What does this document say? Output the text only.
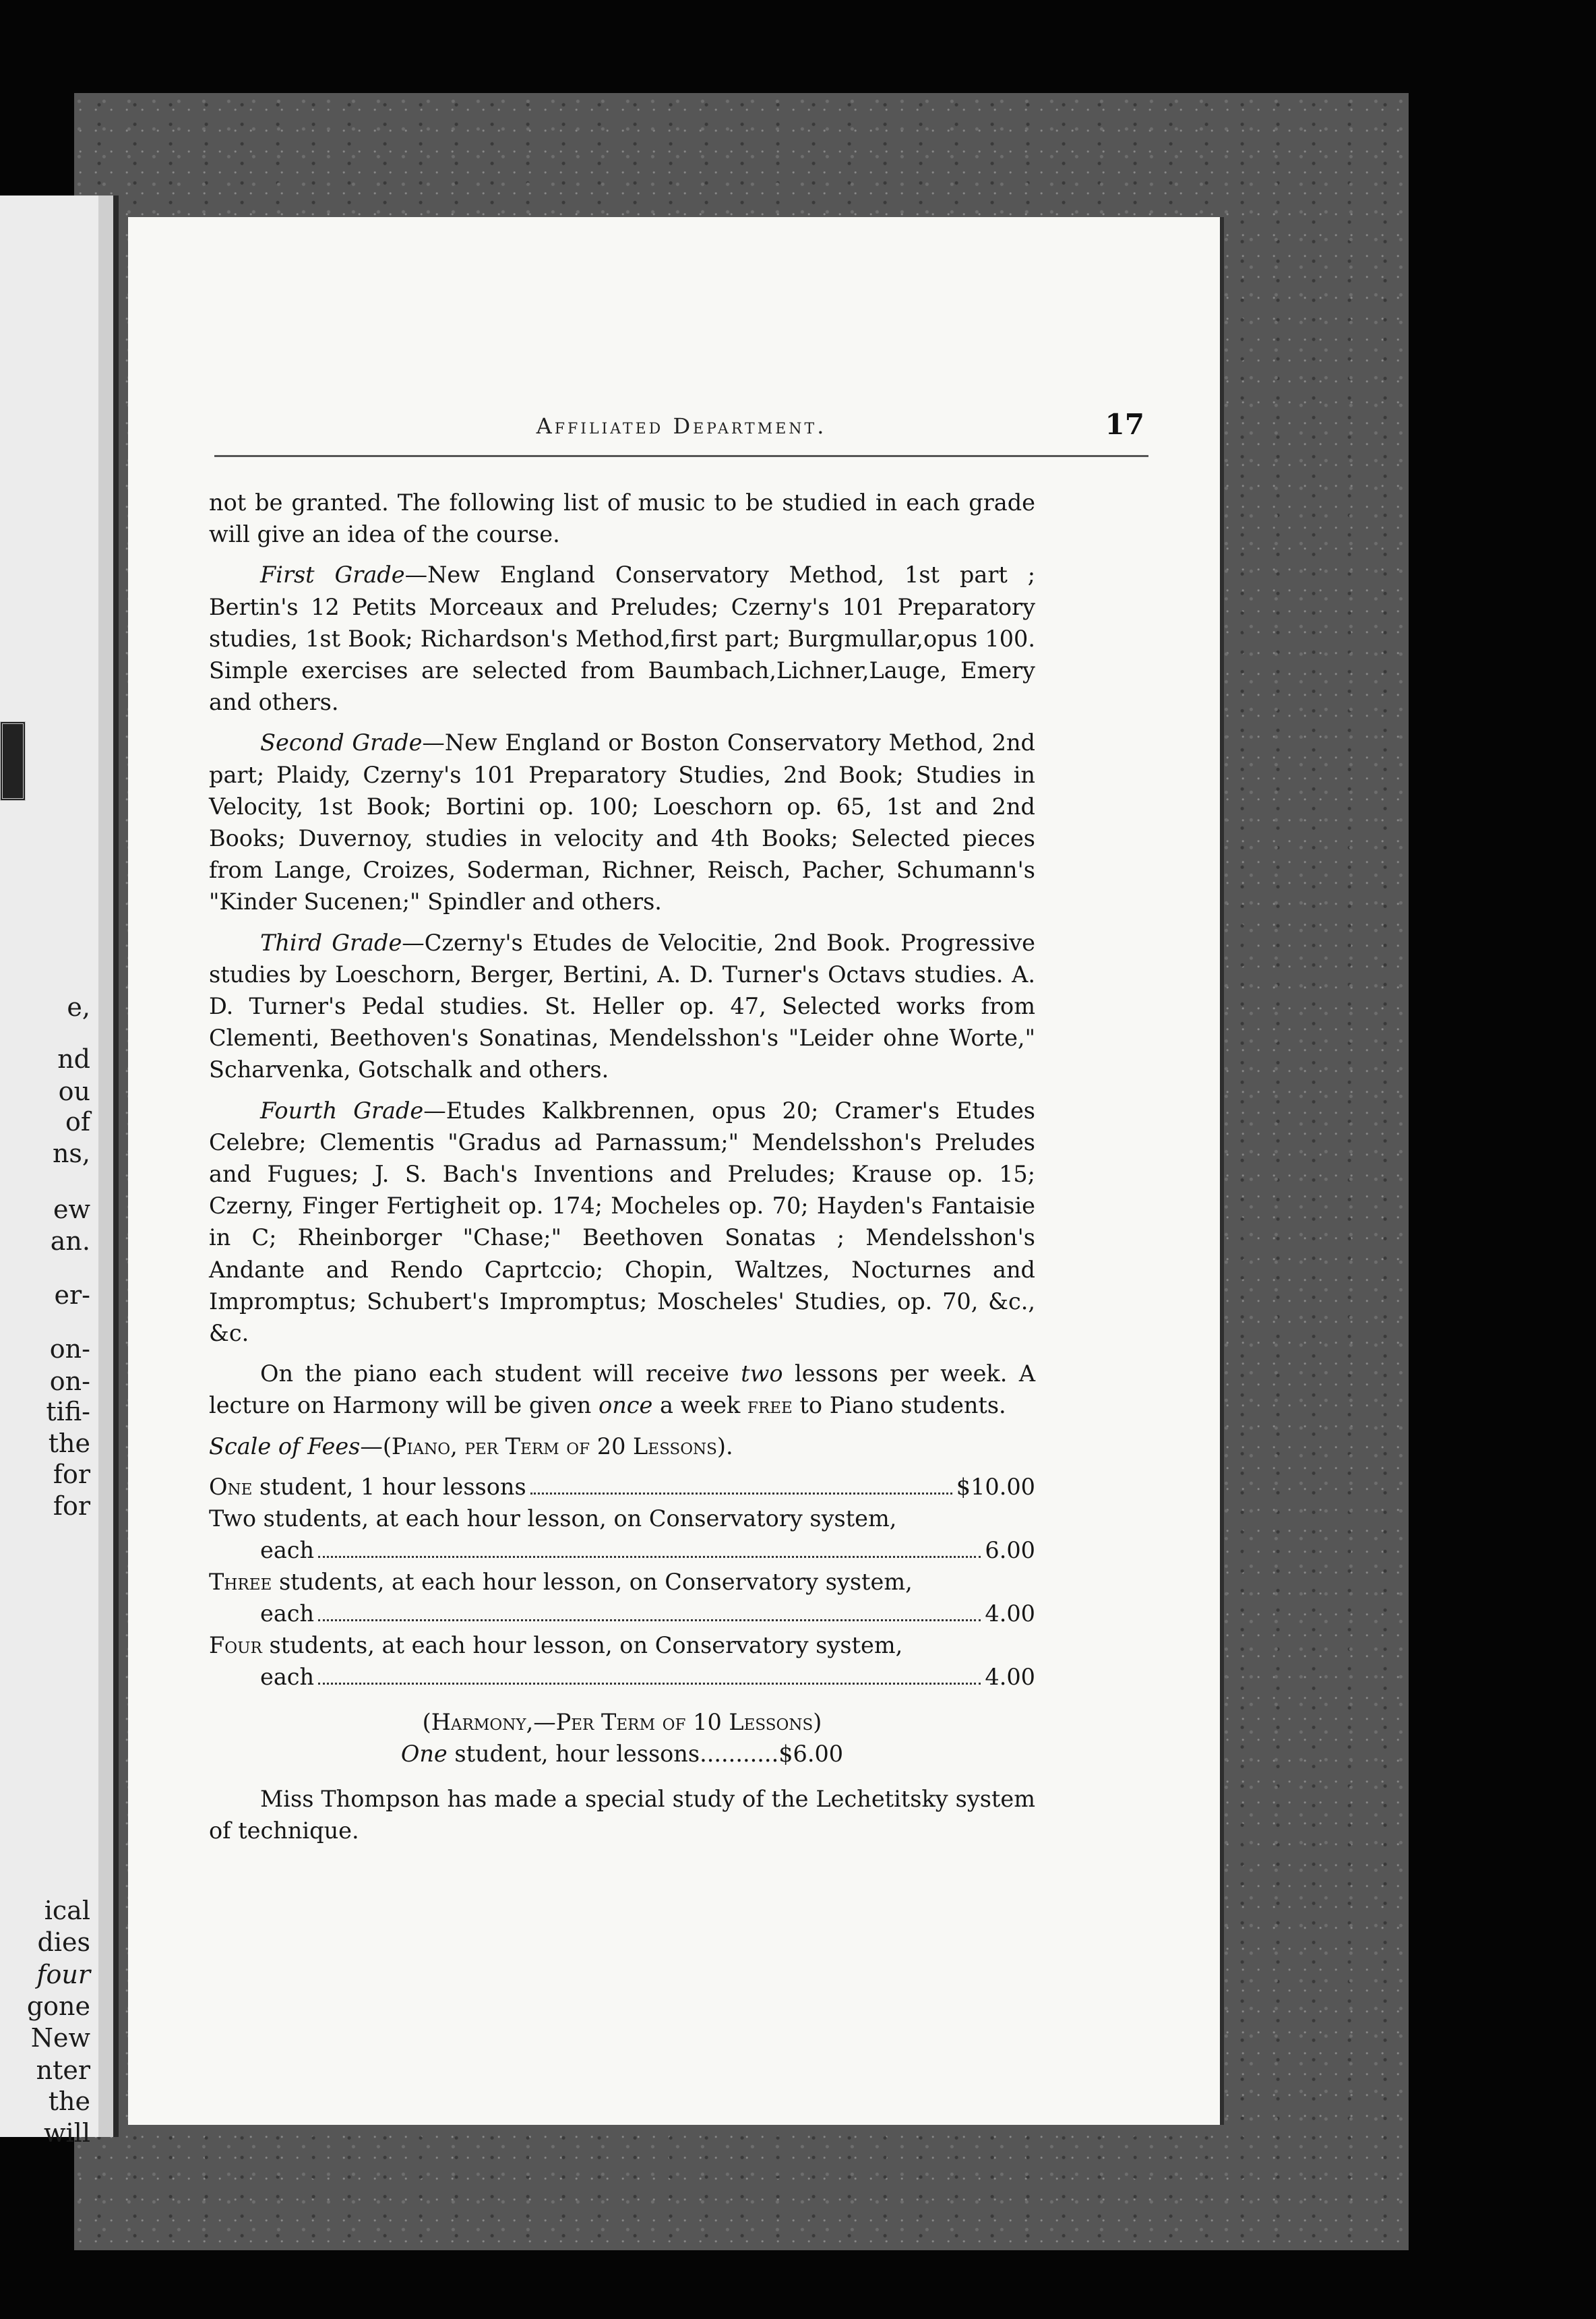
e,
nd
ou
of
ns,
ew
an.
er-
on-
on-
tifi-
the
for
for
ical
dies
four
gone
New
nter
the
will
Affiliated Department.	17

not be granted. The following list of music to be studied in each grade will give an idea of the course.

First Grade—New England Conservatory Method, 1st part ; Bertin's 12 Petits Morceaux and Preludes; Czerny's 101 Preparatory studies, 1st Book; Richardson's Method,first part; Burgmullar,opus 100. Simple exercises are selected from Baumbach,Lichner,Lauge, Emery and others.

Second Grade—New England or Boston Conservatory Method, 2nd part; Plaidy, Czerny's 101 Preparatory Studies, 2nd Book; Studies in Velocity, 1st Book; Bortini op. 100; Loeschorn op. 65, 1st and 2nd Books; Duvernoy, studies in velocity and 4th Books; Selected pieces from Lange, Croizes, Soderman, Richner, Reisch, Pacher, Schumann's "Kinder Sucenen;" Spindler and others.

Third Grade—Czerny's Etudes de Velocitie, 2nd Book. Progressive studies by Loeschorn, Berger, Bertini, A. D. Turner's Octavs studies. A. D. Turner's Pedal studies. St. Heller op. 47, Selected works from Clementi, Beethoven's Sonatinas, Mendelsshon's "Leider ohne Worte," Scharvenka, Gotschalk and others.

Fourth Grade—Etudes Kalkbrennen, opus 20; Cramer's Etudes Celebre; Clementis "Gradus ad Parnassum;" Mendelsshon's Preludes and Fugues; J. S. Bach's Inventions and Preludes; Krause op. 15; Czerny, Finger Fertigheit op. 174; Mocheles op. 70; Hayden's Fantaisie in C; Rheinborger "Chase;" Beethoven Sonatas ; Mendelsshon's Andante and Rendo Caprtccio; Chopin, Waltzes, Nocturnes and Impromptus; Schubert's Impromptus; Moscheles' Studies, op. 70, &c., &c.

On the piano each student will receive two lessons per week. A lecture on Harmony will be given once a week free to Piano students.

Scale of Fees—(Piano, per Term of 20 Lessons).

One student, 1 hour lessons	$10.00
Two students, at each hour lesson, on Conservatory system,
each	6.00
Three students, at each hour lesson, on Conservatory system,
each	4.00
Four students, at each hour lesson, on Conservatory system,
each	4.00
(Harmony,—Per Term of 10 Lessons)
One student, hour lessons...........$6.00

Miss Thompson has made a special study of the Lechetitsky system of technique.
